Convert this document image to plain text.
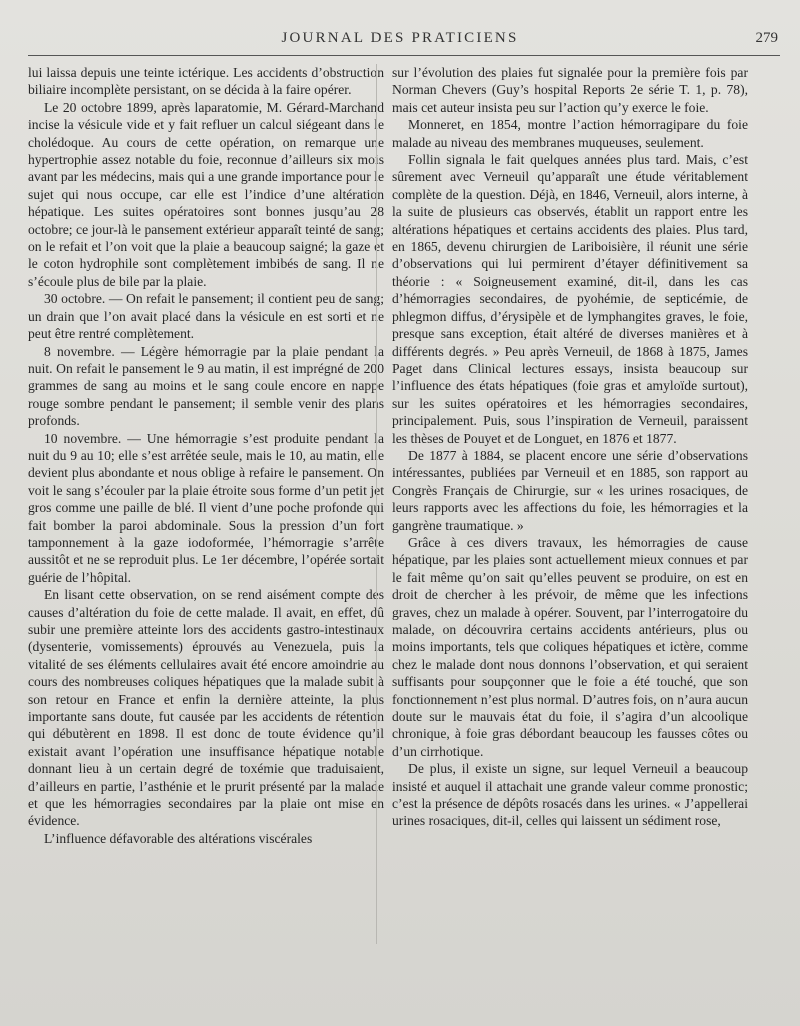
JOURNAL DES PRATICIENS	279

lui laissa depuis une teinte ictérique. Les accidents d’obstruction biliaire incomplète persistant, on se décida à la faire opérer.

Le 20 octobre 1899, après laparatomie, M. Gérard-Marchand incise la vésicule vide et y fait refluer un calcul siégeant dans le cholédoque. Au cours de cette opération, on remarque une hypertrophie assez notable du foie, reconnue d’ailleurs six mois avant par les médecins, mais qui a une grande importance pour le sujet qui nous occupe, car elle est l’indice d’une altération hépatique. Les suites opératoires sont bonnes jusqu’au 28 octobre; ce jour-là le pansement extérieur apparaît teinté de sang; on le refait et l’on voit que la plaie a beaucoup saigné; la gaze et le coton hydrophile sont complètement imbibés de sang. Il ne s’écoule plus de bile par la plaie.

30 octobre. — On refait le pansement; il contient peu de sang; un drain que l’on avait placé dans la vésicule en est sorti et ne peut être rentré complètement.

8 novembre. — Légère hémorragie par la plaie pendant la nuit. On refait le pansement le 9 au matin, il est imprégné de 200 grammes de sang au moins et le sang coule encore en nappe rouge sombre pendant le pansement; il semble venir des plans profonds.

10 novembre. — Une hémorragie s’est produite pendant la nuit du 9 au 10; elle s’est arrêtée seule, mais le 10, au matin, elle devient plus abondante et nous oblige à refaire le pansement. On voit le sang s’écouler par la plaie étroite sous forme d’un petit jet gros comme une paille de blé. Il vient d’une poche profonde qui fait bomber la paroi abdominale. Sous la pression d’un fort tamponnement à la gaze iodoformée, l’hémorragie s’arrête aussitôt et ne se reproduit plus. Le 1er décembre, l’opérée sortait guérie de l’hôpital.

En lisant cette observation, on se rend aisément compte des causes d’altération du foie de cette malade. Il avait, en effet, dû subir une première atteinte lors des accidents gastro-intestinaux (dysenterie, vomissements) éprouvés au Venezuela, puis la vitalité de ses éléments cellulaires avait été encore amoindrie au cours des nombreuses coliques hépatiques que la malade subit à son retour en France et enfin la dernière atteinte, la plus importante sans doute, fut causée par les accidents de rétention qui débutèrent en 1898. Il est donc de toute évidence qu’il existait avant l’opération une insuffisance hépatique notable donnant lieu à un certain degré de toxémie que traduisaient, d’ailleurs en partie, l’asthénie et le prurit présenté par la malade et que les hémorragies secondaires par la plaie ont mise en évidence.

L’influence défavorable des altérations viscérales

sur l’évolution des plaies fut signalée pour la première fois par Norman Chevers (Guy’s hospital Reports 2e série T. 1, p. 78), mais cet auteur insista peu sur l’action qu’y exerce le foie.

Monneret, en 1854, montre l’action hémorragipare du foie malade au niveau des membranes muqueuses, seulement.

Follin signala le fait quelques années plus tard. Mais, c’est sûrement avec Verneuil qu’apparaît une étude véritablement complète de la question. Déjà, en 1846, Verneuil, alors interne, à la suite de plusieurs cas observés, établit un rapport entre les altérations hépatiques et certains accidents des plaies. Plus tard, en 1865, devenu chirurgien de Lariboisière, il réunit une série d’observations qui lui permirent d’étayer définitivement sa théorie : « Soigneusement examiné, dit-il, dans les cas d’hémorragies secondaires, de pyohémie, de septicémie, de phlegmon diffus, d’érysipèle et de lymphangites graves, le foie, presque sans exception, était altéré de diverses manières et à différents degrés. » Peu après Verneuil, de 1868 à 1875, James Paget dans Clinical lectures essays, insista beaucoup sur l’influence des états hépatiques (foie gras et amyloïde surtout), sur les suites opératoires et les hémorragies secondaires, principalement. Puis, sous l’inspiration de Verneuil, paraissent les thèses de Pouyet et de Longuet, en 1876 et 1877.

De 1877 à 1884, se placent encore une série d’observations intéressantes, publiées par Verneuil et en 1885, son rapport au Congrès Français de Chirurgie, sur « les urines rosaciques, de leurs rapports avec les affections du foie, les hémorragies et la gangrène traumatique. »

Grâce à ces divers travaux, les hémorragies de cause hépatique, par les plaies sont actuellement mieux connues et par le fait même qu’on sait qu’elles peuvent se produire, on est en droit de chercher à les prévoir, de même que les infections graves, chez un malade à opérer. Souvent, par l’interrogatoire du malade, on découvrira certains accidents antérieurs, plus ou moins importants, tels que coliques hépatiques et ictère, comme chez le malade dont nous donnons l’observation, et qui seraient suffisants pour soupçonner que le foie a été touché, que son fonctionnement n’est plus normal. D’autres fois, on n’aura aucun doute sur le mauvais état du foie, il s’agira d’un alcoolique chronique, à foie gras débordant beaucoup les fausses côtes ou d’un cirrhotique.

De plus, il existe un signe, sur lequel Verneuil a beaucoup insisté et auquel il attachait une grande valeur comme pronostic; c’est la présence de dépôts rosacés dans les urines. « J’appellerai urines rosaciques, dit-il, celles qui laissent un sédiment rose,
